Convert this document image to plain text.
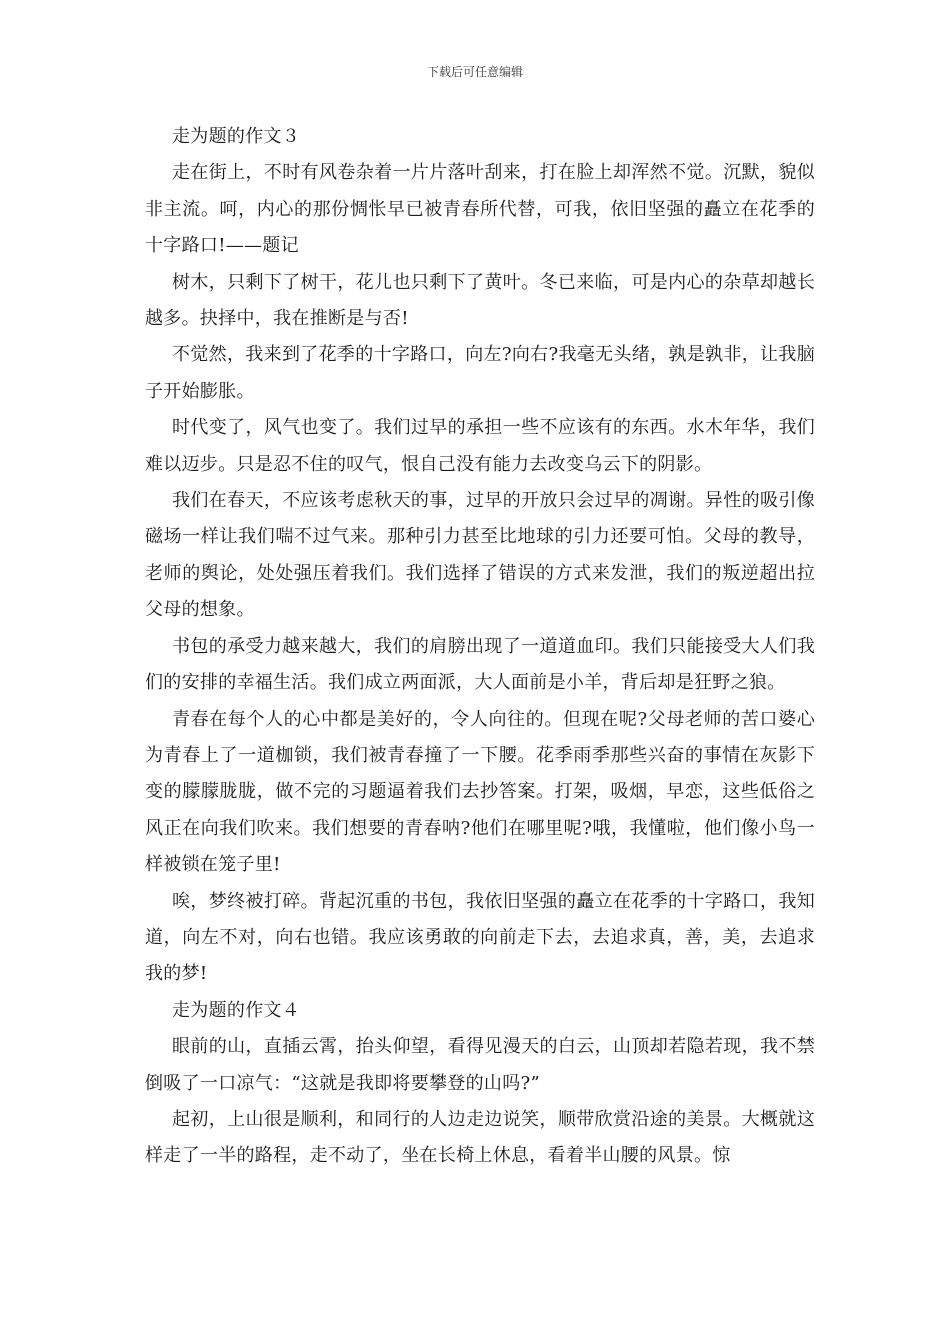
下载后可任意编辑

走为题的作文３

走在街上，不时有风卷杂着一片片落叶刮来，打在脸上却浑然不觉。沉默，貌似非主流。呵，内心的那份惆怅早已被青春所代替，可我，依旧坚强的矗立在花季的十字路口!——题记

树木，只剩下了树干，花儿也只剩下了黄叶。冬已来临，可是内心的杂草却越长越多。抉择中，我在推断是与否!

不觉然，我来到了花季的十字路口，向左?向右?我毫无头绪，孰是孰非，让我脑子开始膨胀。

时代变了，风气也变了。我们过早的承担一些不应该有的东西。水木年华，我们难以迈步。只是忍不住的叹气，恨自己没有能力去改变乌云下的阴影。

我们在春天，不应该考虑秋天的事，过早的开放只会过早的凋谢。异性的吸引像磁场一样让我们喘不过气来。那种引力甚至比地球的引力还要可怕。父母的教导，老师的舆论，处处强压着我们。我们选择了错误的方式来发泄，我们的叛逆超出拉父母的想象。

书包的承受力越来越大，我们的肩膀出现了一道道血印。我们只能接受大人们我们的安排的幸福生活。我们成立两面派，大人面前是小羊，背后却是狂野之狼。

青春在每个人的心中都是美好的，令人向往的。但现在呢?父母老师的苦口婆心为青春上了一道枷锁，我们被青春撞了一下腰。花季雨季那些兴奋的事情在灰影下变的朦朦胧胧，做不完的习题逼着我们去抄答案。打架，吸烟，早恋，这些低俗之风正在向我们吹来。我们想要的青春呐?他们在哪里呢?哦，我懂啦，他们像小鸟一样被锁在笼子里!

唉，梦终被打碎。背起沉重的书包，我依旧坚强的矗立在花季的十字路口，我知道，向左不对，向右也错。我应该勇敢的向前走下去，去追求真，善，美，去追求我的梦!

走为题的作文４

眼前的山，直插云霄，抬头仰望，看得见漫天的白云，山顶却若隐若现，我不禁倒吸了一口凉气：“这就是我即将要攀登的山吗?”

起初，上山很是顺利，和同行的人边走边说笑，顺带欣赏沿途的美景。大概就这样走了一半的路程，走不动了，坐在长椅上休息，看着半山腰的风景。惊
